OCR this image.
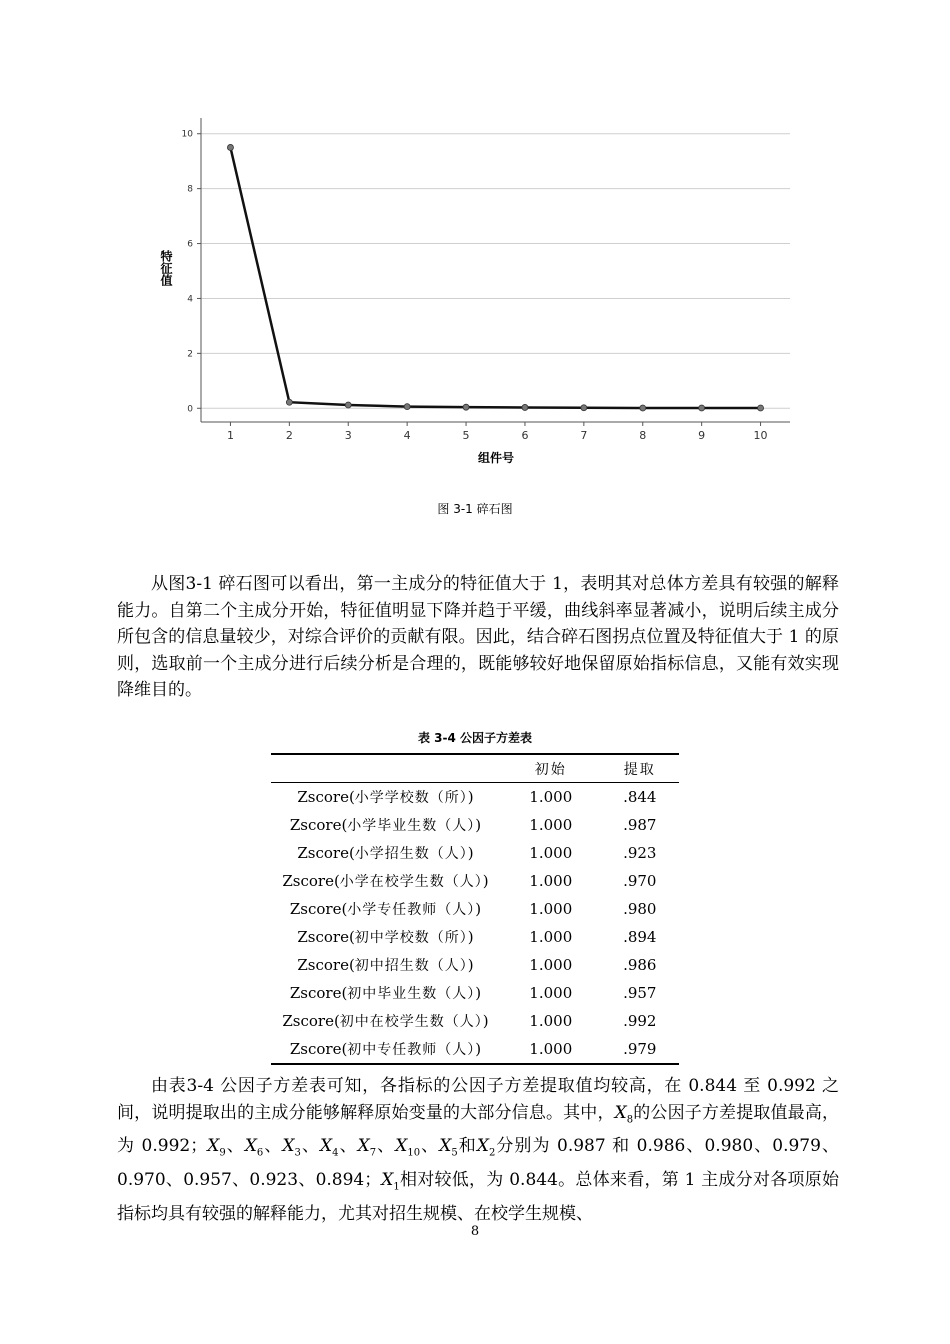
0
2
4
6
8
10
1	2	3	4	5	6	7	8	9	10
特征值
组件号
图 3-1 碎石图
从图3-1 碎石图可以看出，第一主成分的特征值大于 1，表明其对总体方差具有较强的解释能力。自第二个主成分开始，特征值明显下降并趋于平缓，曲线斜率显著减小，说明后续主成分所包含的信息量较少，对综合评价的贡献有限。因此，结合碎石图拐点位置及特征值大于 1 的原则，选取前一个主成分进行后续分析是合理的，既能够较好地保留原始指标信息，又能有效实现降维目的。
表 3-4 公因子方差表
	初始	提取
Zscore(小学学校数（所）)	1.000	.844
Zscore(小学毕业生数（人）)	1.000	.987
Zscore(小学招生数（人）)	1.000	.923
Zscore(小学在校学生数（人）)	1.000	.970
Zscore(小学专任教师（人）)	1.000	.980
Zscore(初中学校数（所）)	1.000	.894
Zscore(初中招生数（人）)	1.000	.986
Zscore(初中毕业生数（人）)	1.000	.957
Zscore(初中在校学生数（人）)	1.000	.992
Zscore(初中专任教师（人）)	1.000	.979
由表3-4 公因子方差表可知，各指标的公因子方差提取值均较高，在 0.844 至 0.992 之间，说明提取出的主成分能够解释原始变量的大部分信息。其中，$X_8$的公因子方差提取值最高，为 0.992；$X_9$、$X_6$、$X_3$、$X_4$、$X_7$、$X_{10}$、$X_5$和$X_2$分别为 0.987 和 0.986、0.980、0.979、0.970、0.957、0.923、0.894；$X_1$相对较低，为 0.844。总体来看，第 1 主成分对各项原始指标均具有较强的解释能力，尤其对招生规模、在校学生规模、
8
